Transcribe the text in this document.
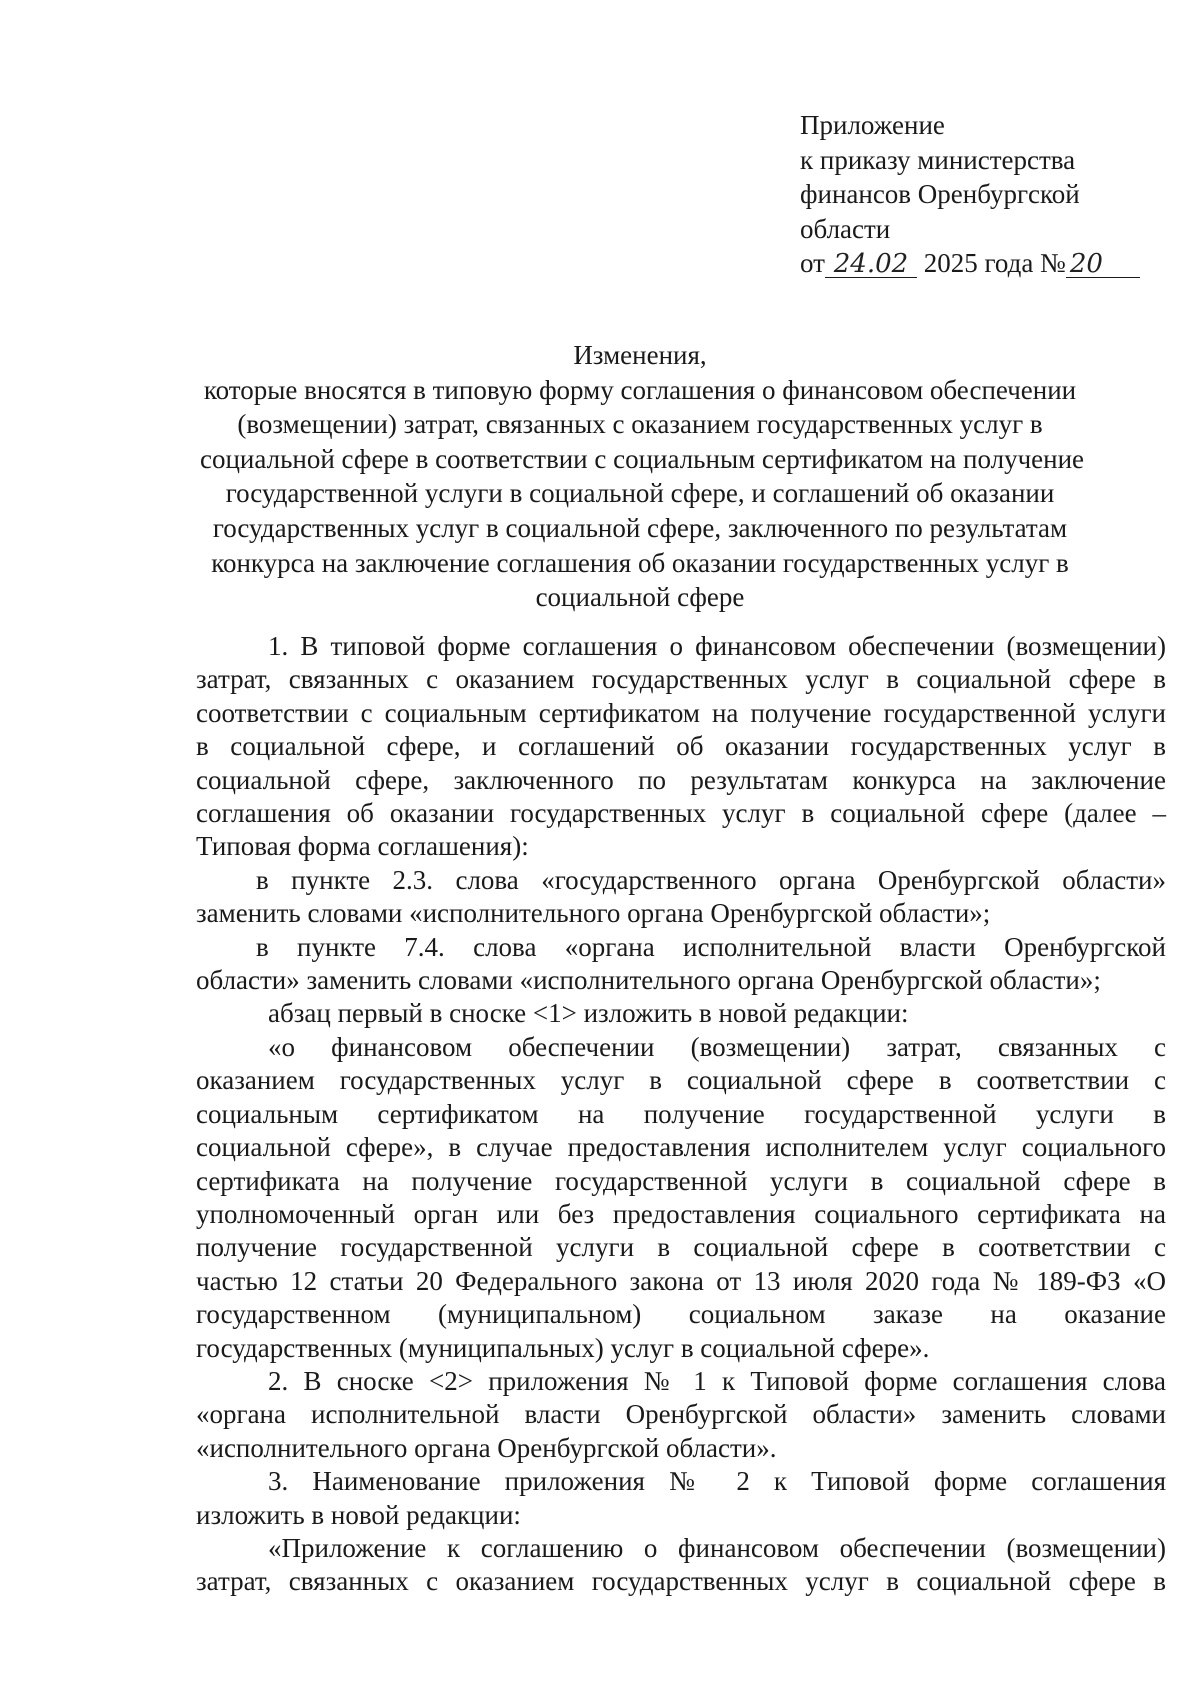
Приложение
к приказу министерства
финансов Оренбургской
области
от 24.02 2025 года № 20
Изменения,
которые вносятся в типовую форму соглашения о финансовом обеспечении
(возмещении) затрат, связанных с оказанием государственных услуг в
социальной сфере в соответствии с социальным сертификатом на получение
государственной услуги в социальной сфере, и соглашений об оказании
государственных услуг в социальной сфере, заключенного по результатам
конкурса на заключение соглашения об оказании государственных услуг в
социальной сфере
1. В типовой форме соглашения о финансовом обеспечении (возмещении)
затрат, связанных с оказанием государственных услуг в социальной сфере в
соответствии с социальным сертификатом на получение государственной услуги
в социальной сфере, и соглашений об оказании государственных услуг в
социальной сфере, заключенного по результатам конкурса на заключение
соглашения об оказании государственных услуг в социальной сфере (далее –
Типовая форма соглашения):
в пункте 2.3. слова «государственного органа Оренбургской области»
заменить словами «исполнительного органа Оренбургской области»;
в пункте 7.4. слова «органа исполнительной власти Оренбургской
области» заменить словами «исполнительного органа Оренбургской области»;
абзац первый в сноске <1> изложить в новой редакции:
«о финансовом обеспечении (возмещении) затрат, связанных с
оказанием государственных услуг в социальной сфере в соответствии с
социальным сертификатом на получение государственной услуги в
социальной сфере», в случае предоставления исполнителем услуг социального
сертификата на получение государственной услуги в социальной сфере в
уполномоченный орган или без предоставления социального сертификата на
получение государственной услуги в социальной сфере в соответствии с
частью 12 статьи 20 Федерального закона от 13 июля 2020 года № 189-ФЗ «О
государственном (муниципальном) социальном заказе на оказание
государственных (муниципальных) услуг в социальной сфере».
2. В сноске <2> приложения № 1 к Типовой форме соглашения слова
«органа исполнительной власти Оренбургской области» заменить словами
«исполнительного органа Оренбургской области».
3. Наименование приложения № 2 к Типовой форме соглашения
изложить в новой редакции:
«Приложение к соглашению о финансовом обеспечении (возмещении)
затрат, связанных с оказанием государственных услуг в социальной сфере в
